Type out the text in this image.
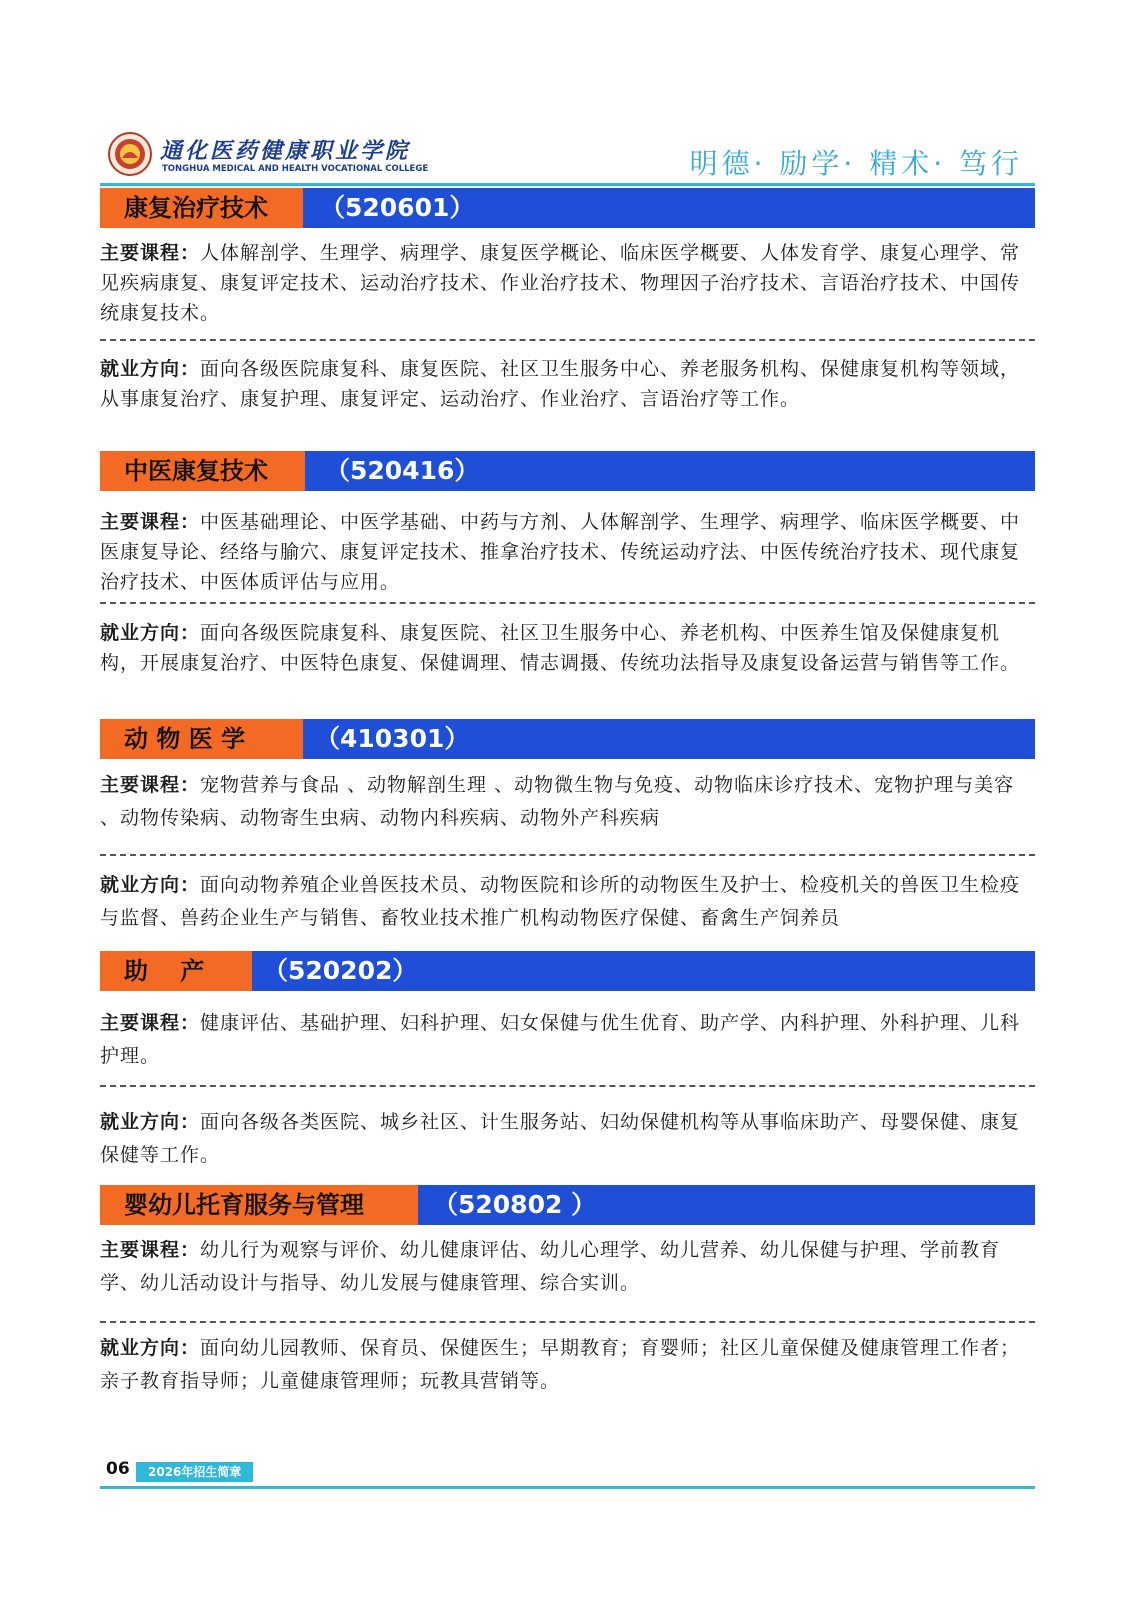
通化医药健康职业学院
TONGHUA MEDICAL AND HEALTH VOCATIONAL COLLEGE	明德· 励学· 精术· 笃行
康复治疗技术 （520601）
主要课程：人体解剖学、生理学、病理学、康复医学概论、临床医学概要、人体发育学、康复心理学、常见疾病康复、康复评定技术、运动治疗技术、作业治疗技术、物理因子治疗技术、言语治疗技术、中国传统康复技术。
就业方向：面向各级医院康复科、康复医院、社区卫生服务中心、养老服务机构、保健康复机构等领域，从事康复治疗、康复护理、康复评定、运动治疗、作业治疗、言语治疗等工作。
中医康复技术 （520416）
主要课程：中医基础理论、中医学基础、中药与方剂、人体解剖学、生理学、病理学、临床医学概要、中医康复导论、经络与腧穴、康复评定技术、推拿治疗技术、传统运动疗法、中医传统治疗技术、现代康复治疗技术、中医体质评估与应用。
就业方向：面向各级医院康复科、康复医院、社区卫生服务中心、养老机构、中医养生馆及保健康复机构，开展康复治疗、中医特色康复、保健调理、情志调摄、传统功法指导及康复设备运营与销售等工作。
动 物 医 学	（410301）
主要课程：宠物营养与食品 、动物解剖生理 、动物微生物与免疫、动物临床诊疗技术、宠物护理与美容 、动物传染病、动物寄生虫病、动物内科疾病、动物外产科疾病
就业方向：面向动物养殖企业兽医技术员、动物医院和诊所的动物医生及护士、检疫机关的兽医卫生检疫与监督、兽药企业生产与销售、畜牧业技术推广机构动物医疗保健、畜禽生产饲养员
助　 产 （520202）
主要课程：健康评估、基础护理、妇科护理、妇女保健与优生优育、助产学、内科护理、外科护理、儿科护理。
就业方向：面向各级各类医院、城乡社区、计生服务站、妇幼保健机构等从事临床助产、母婴保健、康复保健等工作。
婴幼儿托育服务与管理	（520802 ）
主要课程：幼儿行为观察与评价、幼儿健康评估、幼儿心理学、幼儿营养、幼儿保健与护理、学前教育学、幼儿活动设计与指导、幼儿发展与健康管理、综合实训。
就业方向：面向幼儿园教师、保育员、保健医生；早期教育；育婴师；社区儿童保健及健康管理工作者；亲子教育指导师；儿童健康管理师；玩教具营销等。
06	2026年招生简章
